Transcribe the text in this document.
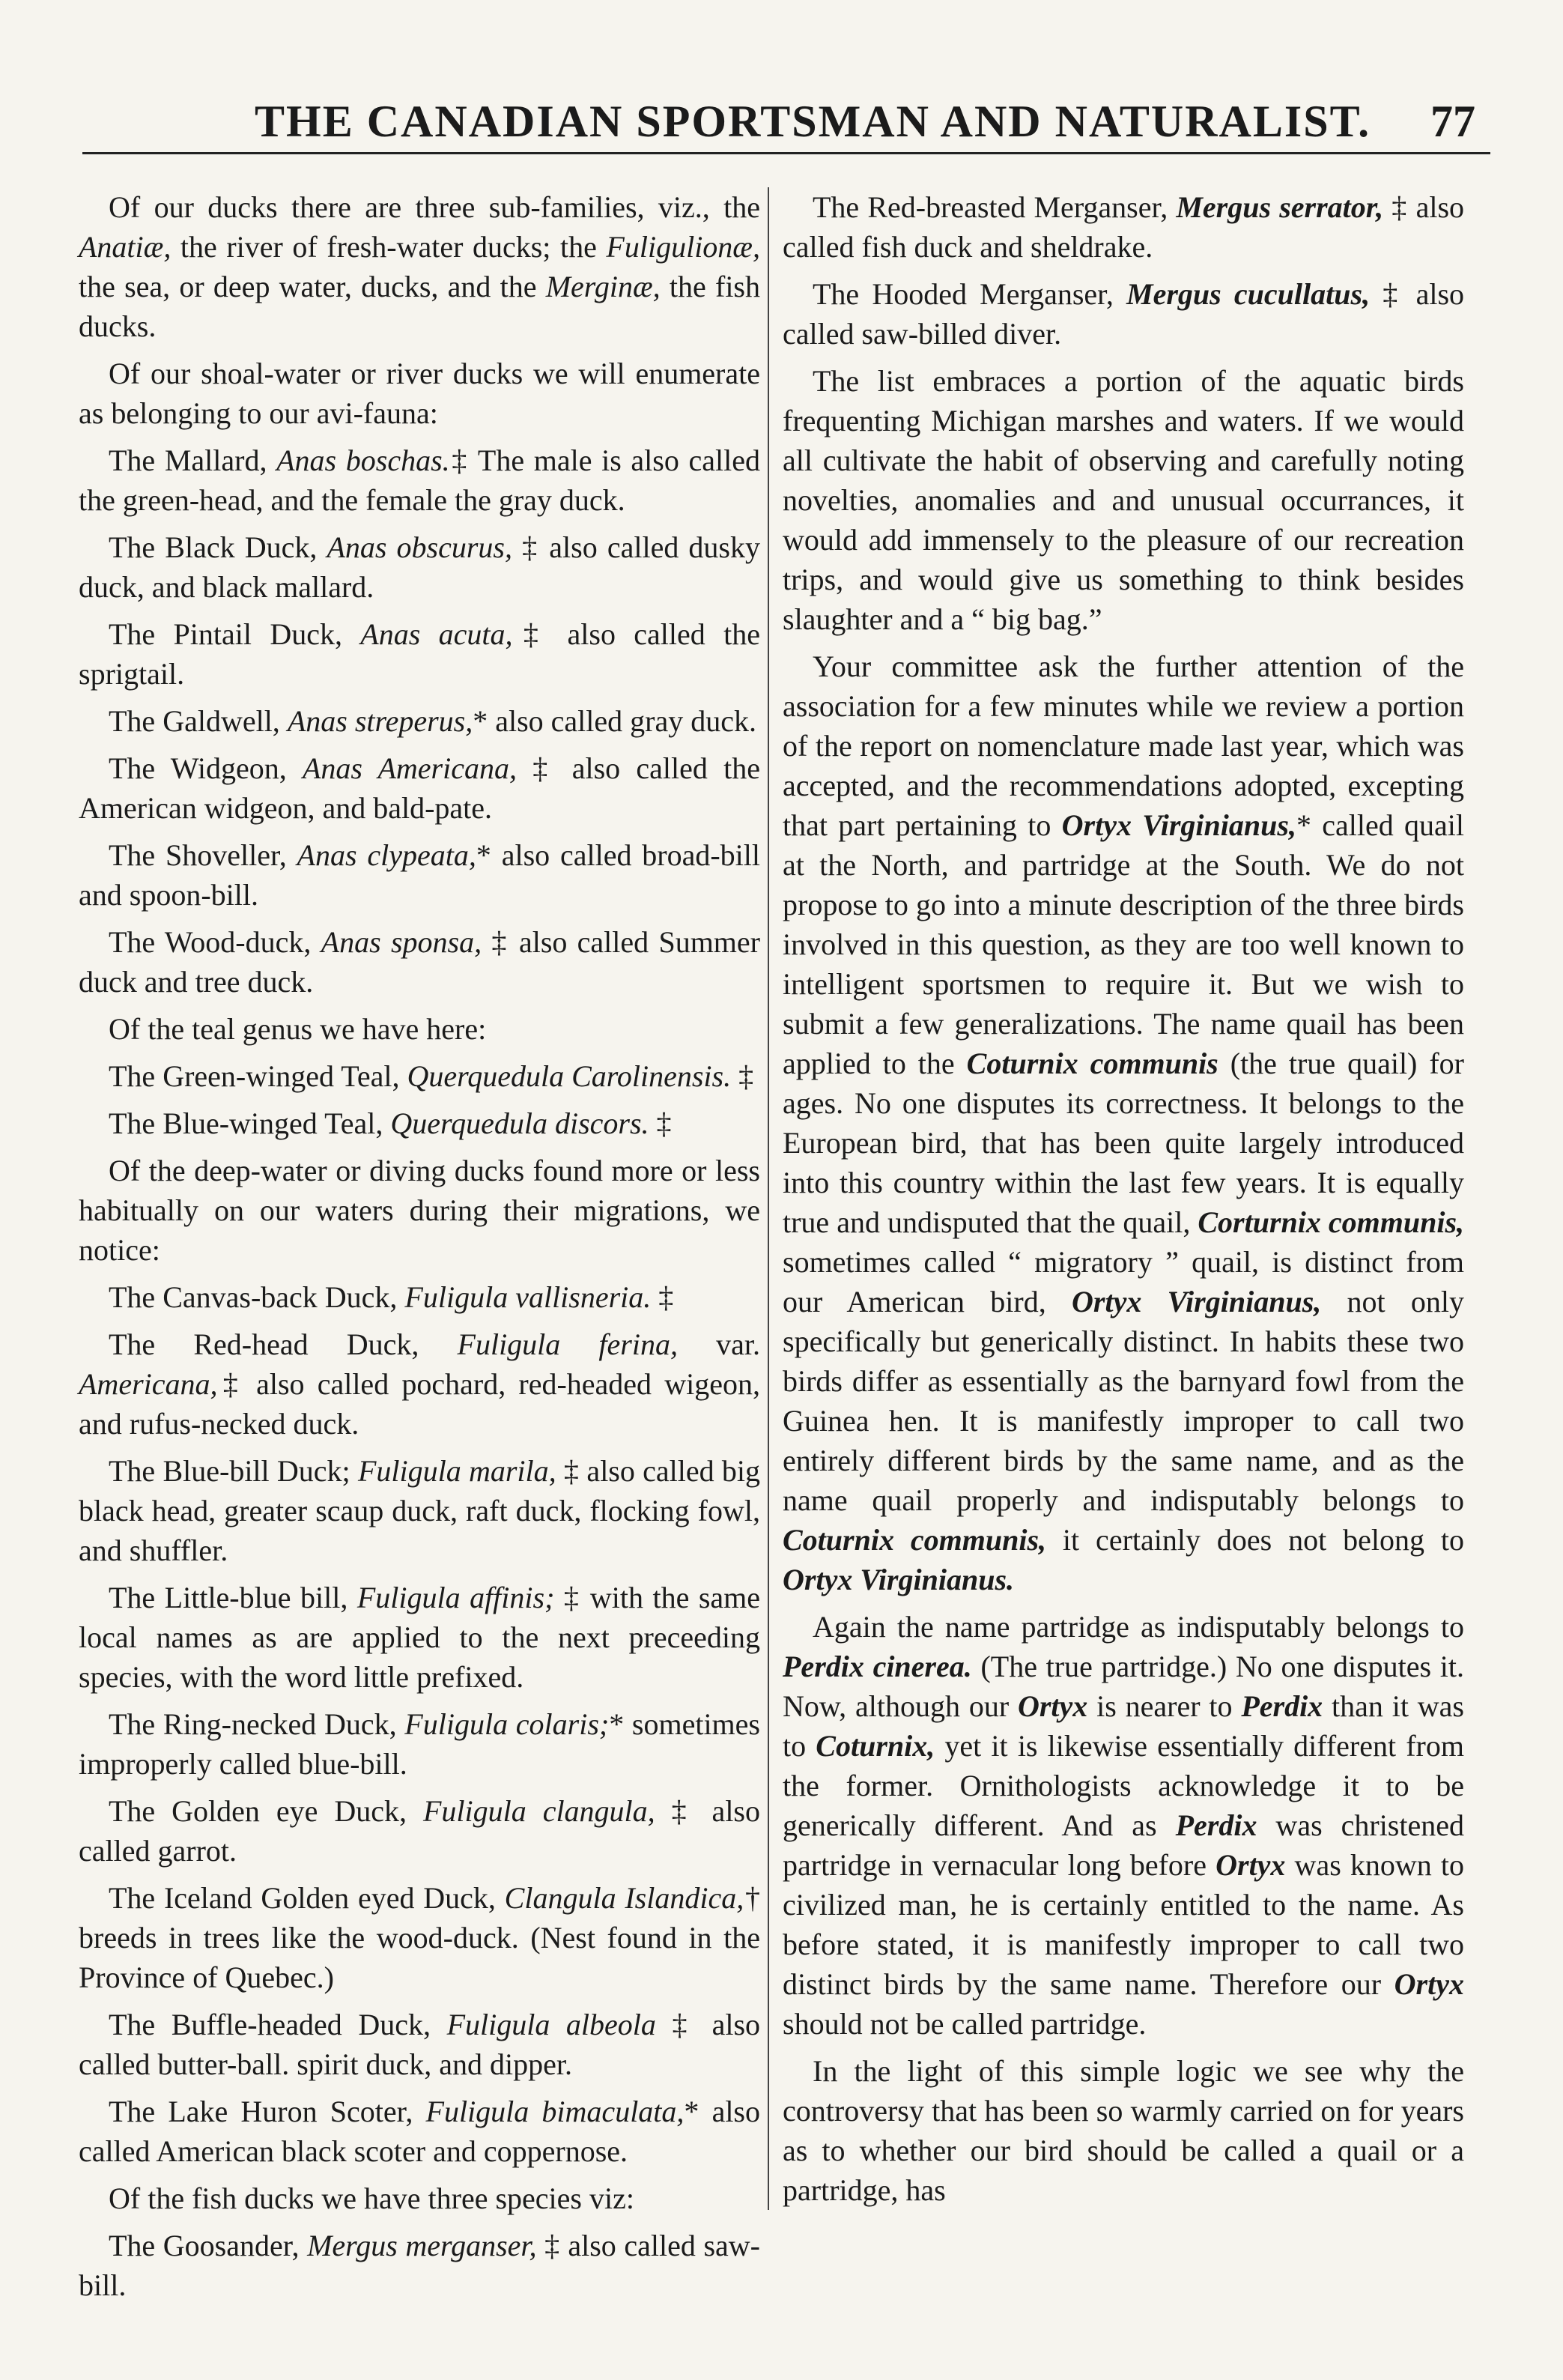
THE CANADIAN SPORTSMAN AND NATURALIST. 77

Of our ducks there are three sub-families, viz., the Anatiæ, the river of fresh-water ducks; the Fuligulionæ, the sea, or deep water, ducks, and the Merginæ, the fish ducks.

Of our shoal-water or river ducks we will enumerate as belonging to our avi-fauna:

The Mallard, Anas boschas.‡ The male is also called the green-head, and the female the gray duck.

The Black Duck, Anas obscurus, ‡ also called dusky duck, and black mallard.

The Pintail Duck, Anas acuta,‡ also called the sprigtail.

The Galdwell, Anas streperus,* also called gray duck.

The Widgeon, Anas Americana, ‡ also called the American widgeon, and bald-pate.

The Shoveller, Anas clypeata,* also called broad-bill and spoon-bill.

The Wood-duck, Anas sponsa, ‡ also called Summer duck and tree duck.

Of the teal genus we have here:

The Green-winged Teal, Querquedula Carolinensis. ‡

The Blue-winged Teal, Querquedula discors. ‡

Of the deep-water or diving ducks found more or less habitually on our waters during their migrations, we notice:

The Canvas-back Duck, Fuligula vallisneria. ‡

The Red-head Duck, Fuligula ferina, var. Americana,‡ also called pochard, red-headed wigeon, and rufus-necked duck.

The Blue-bill Duck; Fuligula marila, ‡ also called big black head, greater scaup duck, raft duck, flocking fowl, and shuffler.

The Little-blue bill, Fuligula affinis; ‡ with the same local names as are applied to the next preceeding species, with the word little prefixed.

The Ring-necked Duck, Fuligula colaris;* sometimes improperly called blue-bill.

The Golden eye Duck, Fuligula clangula, ‡ also called garrot.

The Iceland Golden eyed Duck, Clangula Islandica,† breeds in trees like the wood-duck. (Nest found in the Province of Quebec.)

The Buffle-headed Duck, Fuligula albeola ‡ also called butter-ball. spirit duck, and dipper.

The Lake Huron Scoter, Fuligula bimaculata,* also called American black scoter and coppernose.

Of the fish ducks we have three species viz:

The Goosander, Mergus merganser, ‡ also called saw-bill.

The Red-breasted Merganser, Mergus serrator, ‡ also called fish duck and sheldrake.

The Hooded Merganser, Mergus cucullatus, ‡ also called saw-billed diver.

The list embraces a portion of the aquatic birds frequenting Michigan marshes and waters. If we would all cultivate the habit of observing and carefully noting novelties, anomalies and and unusual occurrances, it would add immensely to the pleasure of our recreation trips, and would give us something to think besides slaughter and a “ big bag.”

Your committee ask the further attention of the association for a few minutes while we review a portion of the report on nomenclature made last year, which was accepted, and the recommendations adopted, excepting that part pertaining to Ortyx Virginianus,* called quail at the North, and partridge at the South. We do not propose to go into a minute description of the three birds involved in this question, as they are too well known to intelligent sportsmen to require it. But we wish to submit a few generalizations. The name quail has been applied to the Coturnix communis (the true quail) for ages. No one disputes its correctness. It belongs to the European bird, that has been quite largely introduced into this country within the last few years. It is equally true and undisputed that the quail, Corturnix communis, sometimes called “ migratory ” quail, is distinct from our American bird, Ortyx Virginianus, not only specifically but generically distinct. In habits these two birds differ as essentially as the barnyard fowl from the Guinea hen. It is manifestly improper to call two entirely different birds by the same name, and as the name quail properly and indisputably belongs to Coturnix communis, it certainly does not belong to Ortyx Virginianus.

Again the name partridge as indisputably belongs to Perdix cinerea. (The true partridge.) No one disputes it. Now, although our Ortyx is nearer to Perdix than it was to Coturnix, yet it is likewise essentially different from the former. Ornithologists acknowledge it to be generically different. And as Perdix was christened partridge in vernacular long before Ortyx was known to civilized man, he is certainly entitled to the name. As before stated, it is manifestly improper to call two distinct birds by the same name. Therefore our Ortyx should not be called partridge.

In the light of this simple logic we see why the controversy that has been so warmly carried on for years as to whether our bird should be called a quail or a partridge, has
